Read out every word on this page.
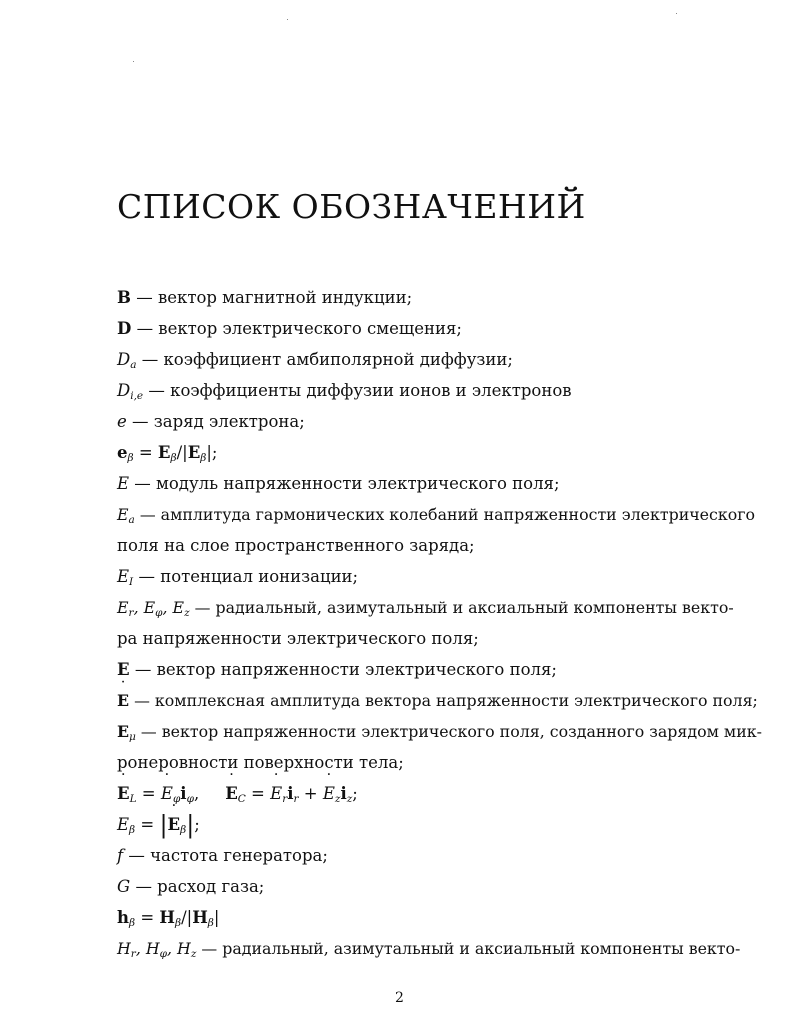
СПИСОК ОБОЗНАЧЕНИЙ
B — вектор магнитной индукции;
D — вектор электрического смещения;
$D_a$ — коэффициент амбиполярной диффузии;
$D_{i,e}$ — коэффициенты диффузии ионов и электронов
e — заряд электрона;
$e_\beta = E_\beta/|E_\beta|$;
E — модуль напряженности электрического поля;
$E_a$ — амплитуда гармонических колебаний напряженности электрического
поля на слое пространственного заряда;
$E_I$ — потенциал ионизации;
$E_r$, $E_\varphi$, $E_z$ — радиальный, азимутальный и аксиальный компоненты векто-
ра напряженности электрического поля;
E — вектор напряженности электрического поля;
˙ E — комплексная амплитуда вектора напряженности электрического поля;
$E_\mu$ — вектор напряженности электрического поля, созданного зарядом мик-
ронеровности поверхности тела;
˙ $E_L$ = ˙ $E_\varphi i_\varphi,˙$ $E_C$ = ˙ $E_ri_r$ + ˙ $E_zi_z$;
$E_\beta$ = |˙ $E_\beta|$;
f — частота генератора;
G — расход газа;
$h_\beta = H_\beta/|H_\beta|$
$H_r$, $H_\varphi$, $H_z$ — радиальный, азимутальный и аксиальный компоненты векто-
2
